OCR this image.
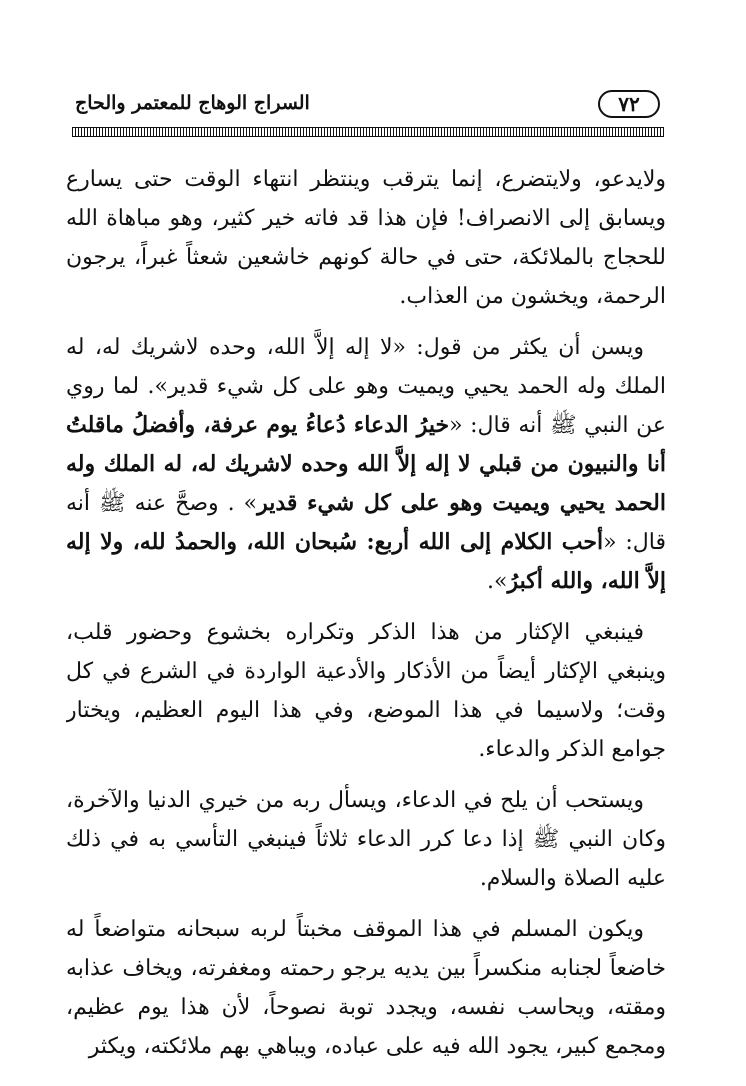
٧٢
السراج الوهاج للمعتمر والحاج

ولايدعو، ولايتضرع، إنما يترقب وينتظر انتهاء الوقت حتى يسارع ويسابق إلى الانصراف! فإن هذا قد فاته خير كثير، وهو مباهاة الله للحجاج بالملائكة، حتى في حالة كونهم خاشعين شعثاً غبراً، يرجون الرحمة، ويخشون من العذاب.

ويسن أن يكثر من قول: «لا إله إلاَّ الله، وحده لاشريك له، له الملك وله الحمد يحيي ويميت وهو على كل شيء قدير». لما روي عن النبي ﷺ أنه قال: «خيرُ الدعاء دُعاءُ يوم عرفة، وأفضلُ ماقلتُ أنا والنبيون من قبلي لا إله إلاَّ الله وحده لاشريك له، له الملك وله الحمد يحيي ويميت وهو على كل شيء قدير» . وصحَّ عنه ﷺ أنه قال: «أحب الكلام إلى الله أربع: سُبحان الله، والحمدُ لله، ولا إله إلاَّ الله، والله أكبرُ».

فينبغي الإكثار من هذا الذكر وتكراره بخشوع وحضور قلب، وينبغي الإكثار أيضاً من الأذكار والأدعية الواردة في الشرع في كل وقت؛ ولاسيما في هذا الموضع، وفي هذا اليوم العظيم، ويختار جوامع الذكر والدعاء.

ويستحب أن يلح في الدعاء، ويسأل ربه من خيري الدنيا والآخرة، وكان النبي ﷺ إذا دعا كرر الدعاء ثلاثاً فينبغي التأسي به في ذلك عليه الصلاة والسلام.

ويكون المسلم في هذا الموقف مخبتاً لربه سبحانه متواضعاً له خاضعاً لجنابه منكسراً بين يديه يرجو رحمته ومغفرته، ويخاف عذابه ومقته، ويحاسب نفسه، ويجدد توبة نصوحاً، لأن هذا يوم عظيم، ومجمع كبير، يجود الله فيه على عباده، ويباهي بهم ملائكته، ويكثر
